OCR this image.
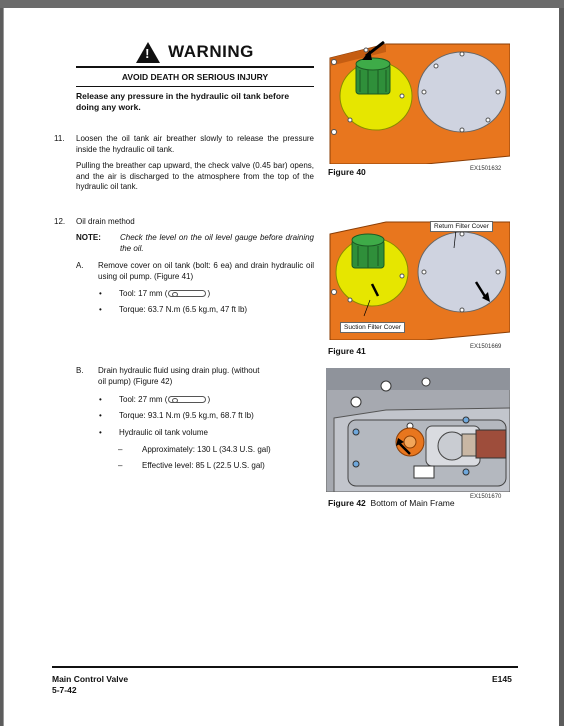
!
WARNING
AVOID DEATH OR SERIOUS INJURY
Release any pressure in the hydraulic oil tank before doing any work.
11. Loosen the oil tank air breather slowly to release the pressure inside the hydraulic oil tank.
Pulling the breather cap upward, the check valve (0.45 bar) opens, and the air is discharged to the atmosphere from the top of the hydraulic oil tank.
12. Oil drain method
NOTE: Check the level on the oil level gauge before draining the oil.
A. Remove cover on oil tank (bolt: 6 ea) and drain hydraulic oil using oil pump. (Figure 41)
• Tool: 17 mm (	)
• Torque: 63.7 N.m (6.5 kg.m, 47 ft lb)
B. Drain hydraulic fluid using drain plug. (without oil pump) (Figure 42)
• Tool: 27 mm (	)
• Torque: 93.1 N.m (9.5 kg.m, 68.7 ft lb)
• Hydraulic oil tank volume
– Approximately: 130 L (34.3 U.S. gal)
– Effective level: 85 L (22.5 U.S. gal)
Figure 40	EX1501632
Return Filter Cover
Suction Filter Cover
Figure 41	EX1501669
Figure 42 Bottom of Main Frame
EX1501670
Main Control Valve
5-7-42
E145
